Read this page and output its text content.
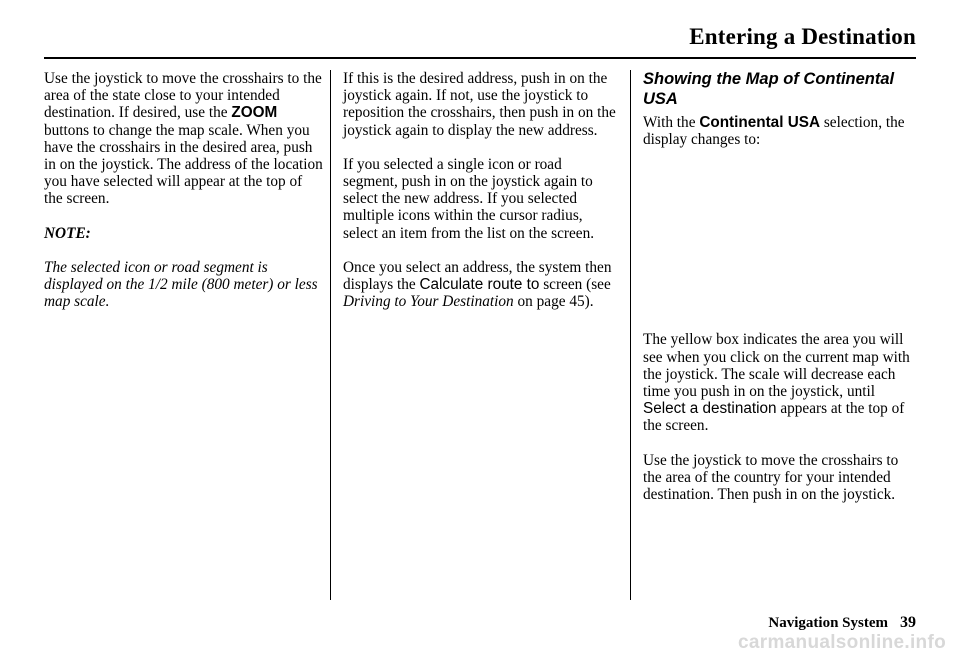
Entering a Destination

Use the joystick to move the crosshairs to the area of the state close to your intended destination. If desired, use the ZOOM buttons to change the map scale. When you have the crosshairs in the desired area, push in on the joystick. The address of the location you have selected will appear at the top of the screen.

NOTE:

The selected icon or road segment is displayed on the 1/2 mile (800 meter) or less map scale.

If this is the desired address, push in on the joystick again. If not, use the joystick to reposition the crosshairs, then push in on the joystick again to display the new address.

If you selected a single icon or road segment, push in on the joystick again to select the new address. If you selected multiple icons within the cursor radius, select an item from the list on the screen.

Once you select an address, the system then displays the Calculate route to screen (see Driving to Your Destination on page 45).

Showing the Map of Continental USA

With the Continental USA selection, the display changes to:

The yellow box indicates the area you will see when you click on the current map with the joystick. The scale will decrease each time you push in on the joystick, until Select a destination appears at the top of the screen.

Use the joystick to move the crosshairs to the area of the country for your intended destination. Then push in on the joystick.

Navigation System 39
carmanualsonline.info
